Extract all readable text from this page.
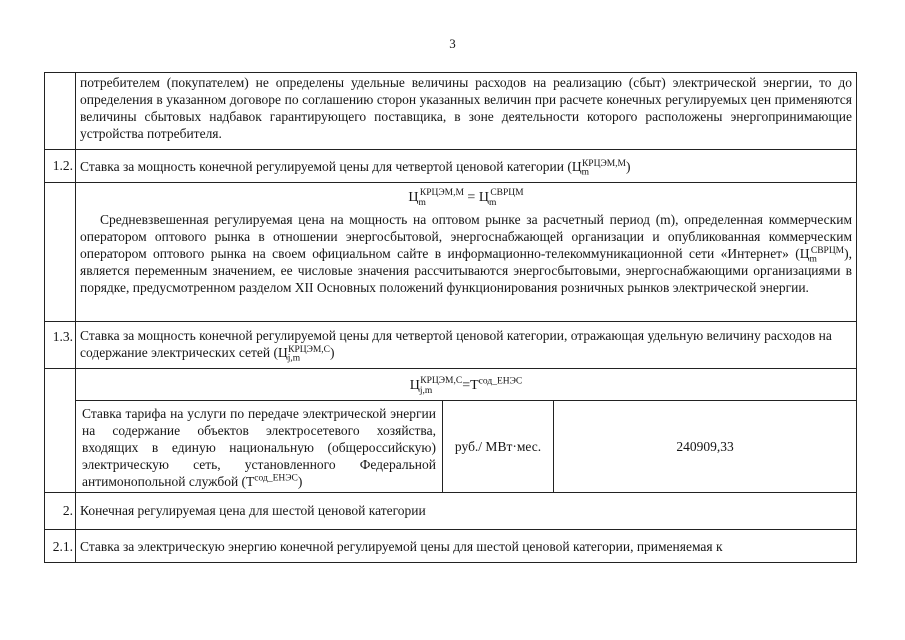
3
потребителем (покупателем) не определены удельные величины расходов на реализацию (сбыт) электрической энергии, то до определения в указанном договоре по соглашению сторон указанных величин при расчете конечных регулируемых цен применяются величины сбытовых надбавок гарантирующего поставщика, в зоне деятельности которого расположены энергопринимающие устройства потребителя.
1.2. Ставка за мощность конечной регулируемой цены для четвертой ценовой категории $(Ц_m^{КРЦЭМ,М})$
$Ц_m^{КРЦЭМ,М} = Ц_m^{СВРЦМ}$
Средневзвешенная регулируемая цена на мощность на оптовом рынке за расчетный период (m), определенная коммерческим оператором оптового рынка в отношении энергосбытовой, энергоснабжающей организации и опубликованная коммерческим оператором оптового рынка на своем официальном сайте в информационно-телекоммуникационной сети «Интернет» $(Ц_m^{СВРЦМ})$, является переменным значением, ее числовые значения рассчитываются энергосбытовыми, энергоснабжающими организациями в порядке, предусмотренном разделом XII Основных положений функционирования розничных рынков электрической энергии.
1.3. Ставка за мощность конечной регулируемой цены для четвертой ценовой категории, отражающая удельную величину расходов на содержание электрических сетей $(Ц_{j,m}^{КРЦЭМ,С})$
$Ц_{j,m}^{КРЦЭМ,С}=Т^{сод\_ЕНЭС}$
Ставка тарифа на услуги по передаче электрической энергии на содержание объектов электросетевого хозяйства, входящих в единую национальную (общероссийскую) электрическую сеть, установленного Федеральной антимонопольной службой $(Т^{сод\_ЕНЭС})$
руб./ МВт·мес.	240909,33
2. Конечная регулируемая цена для шестой ценовой категории
2.1. Ставка за электрическую энергию конечной регулируемой цены для шестой ценовой категории, применяемая к
